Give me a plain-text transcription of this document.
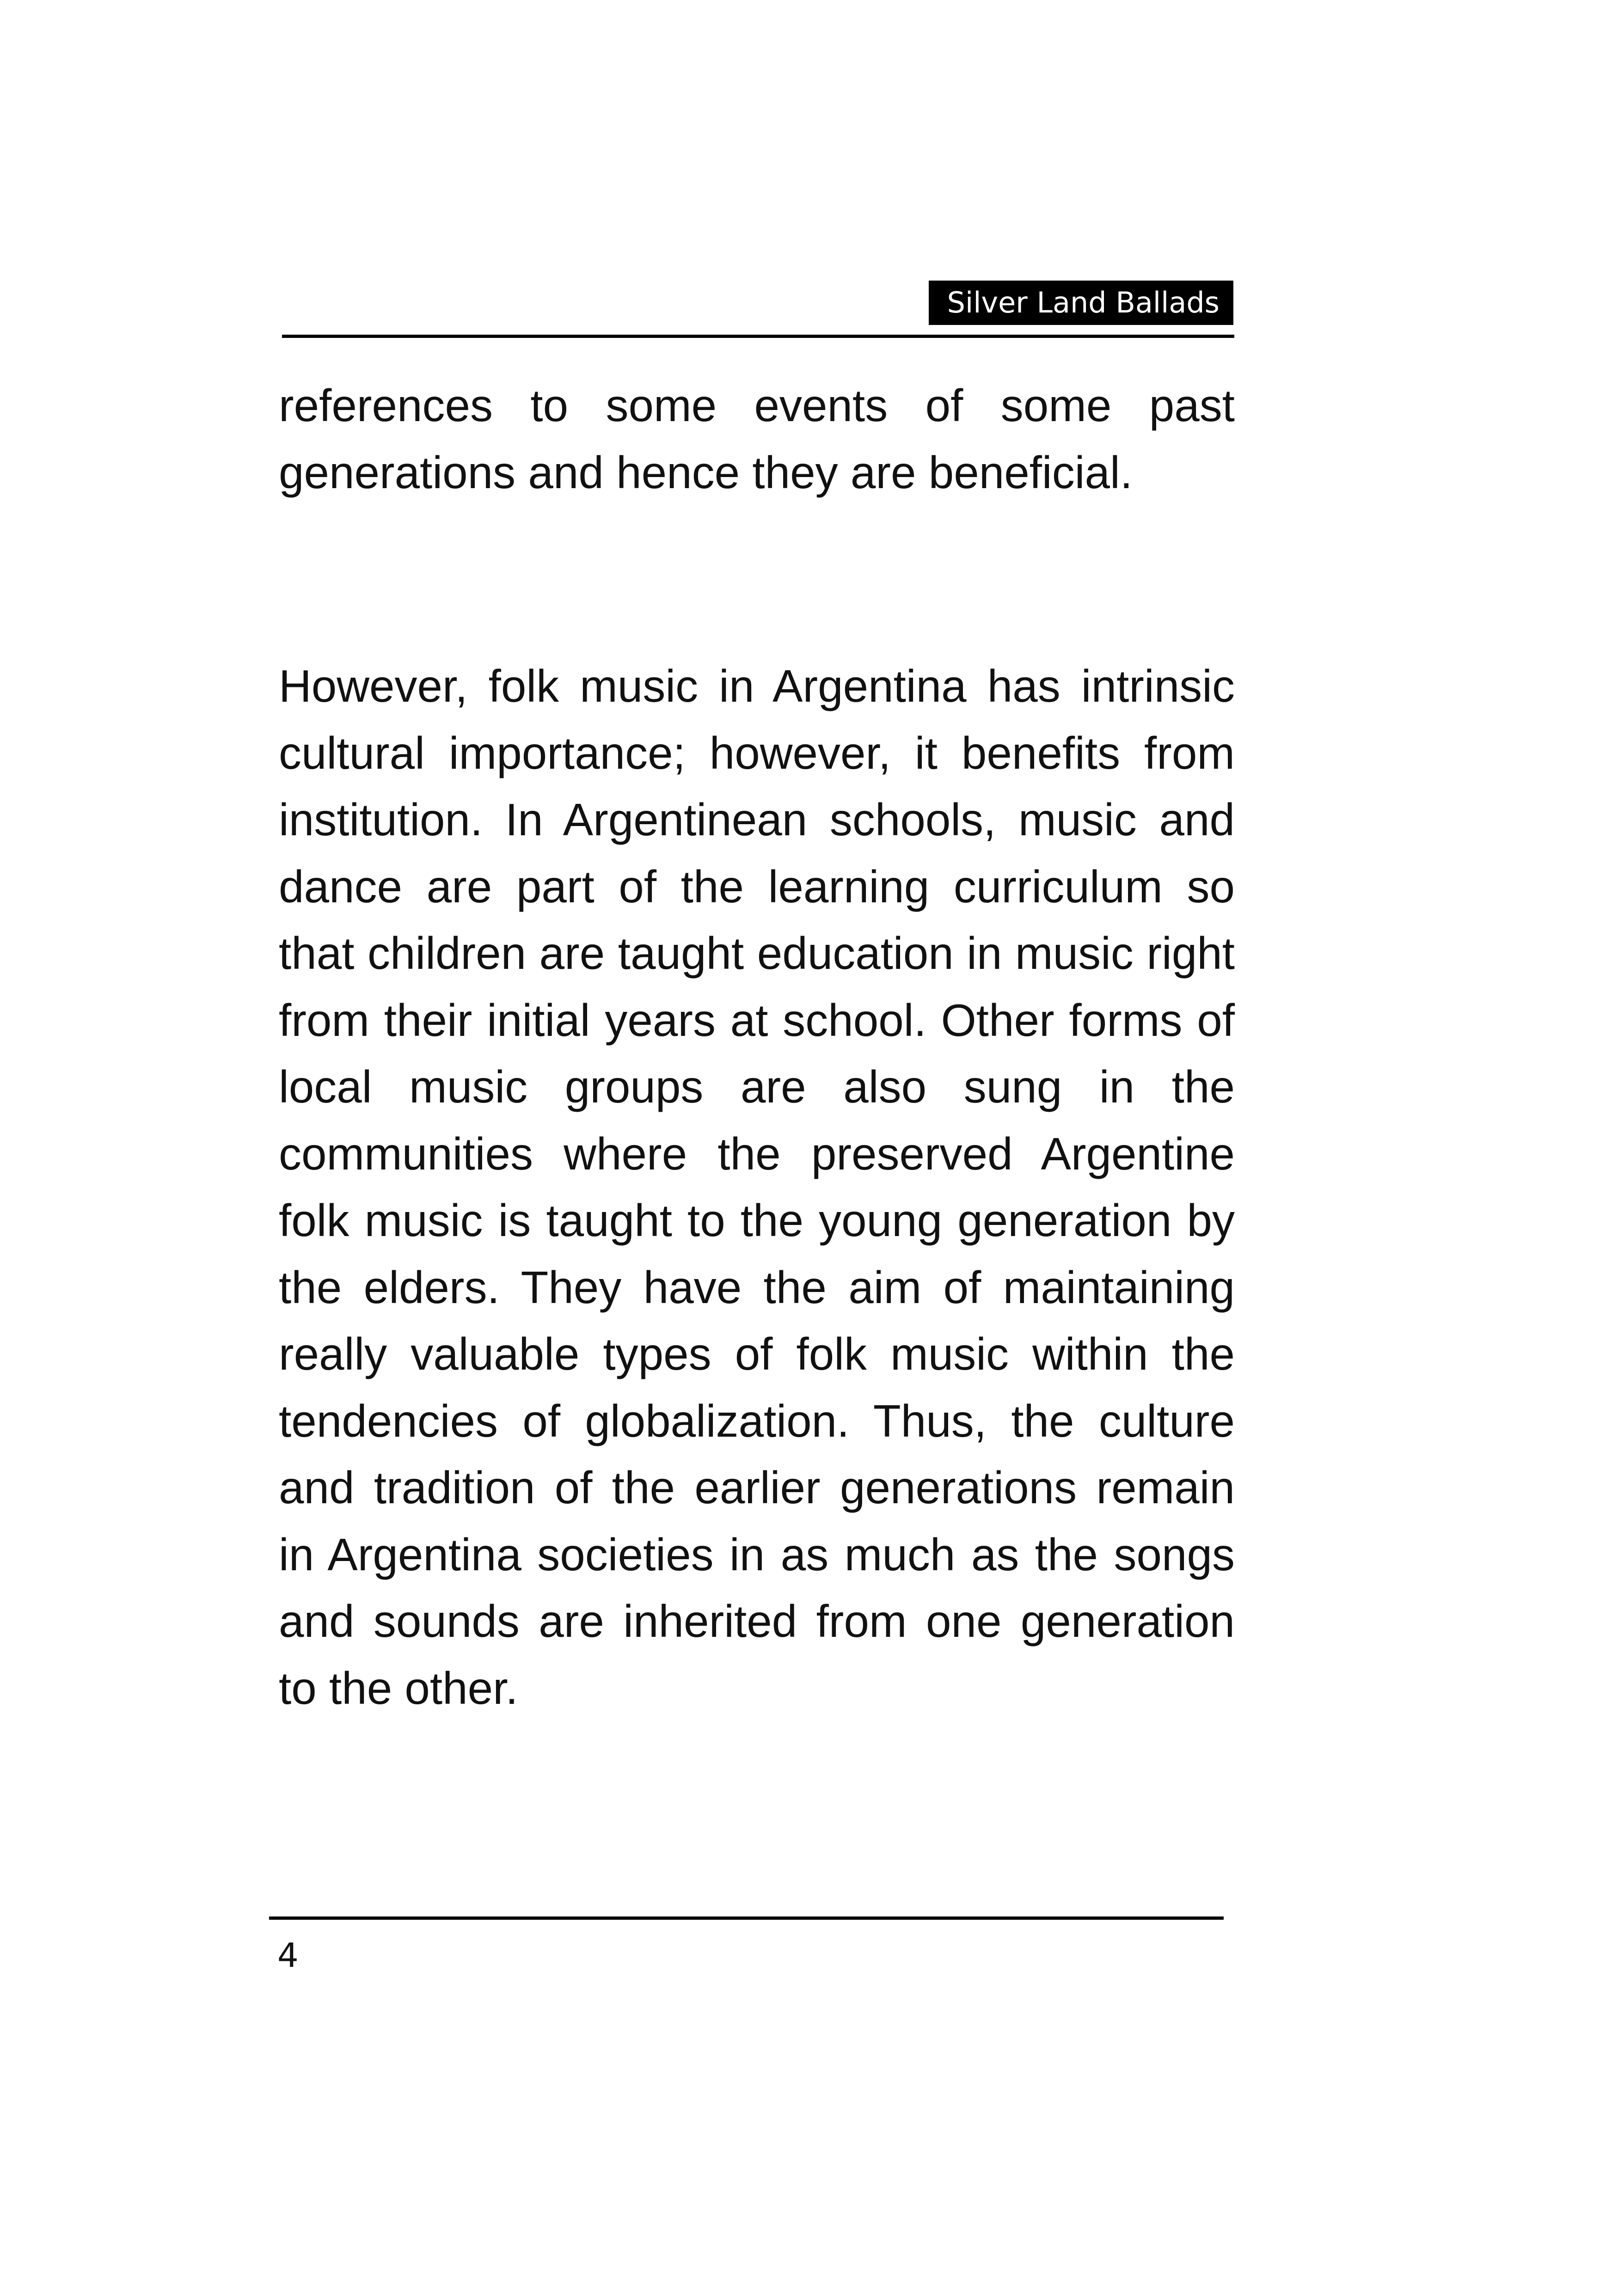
Silver Land Ballads

references to some events of some past generations and hence they are beneficial.

However, folk music in Argentina has intrinsic cultural importance; however, it benefits from institution. In Argentinean schools, music and dance are part of the learning curriculum so that children are taught education in music right from their initial years at school. Other forms of local music groups are also sung in the communities where the preserved Argentine folk music is taught to the young generation by the elders. They have the aim of maintaining really valuable types of folk music within the tendencies of globalization. Thus, the culture and tradition of the earlier generations remain in Argentina societies in as much as the songs and sounds are inherited from one generation to the other.

4
